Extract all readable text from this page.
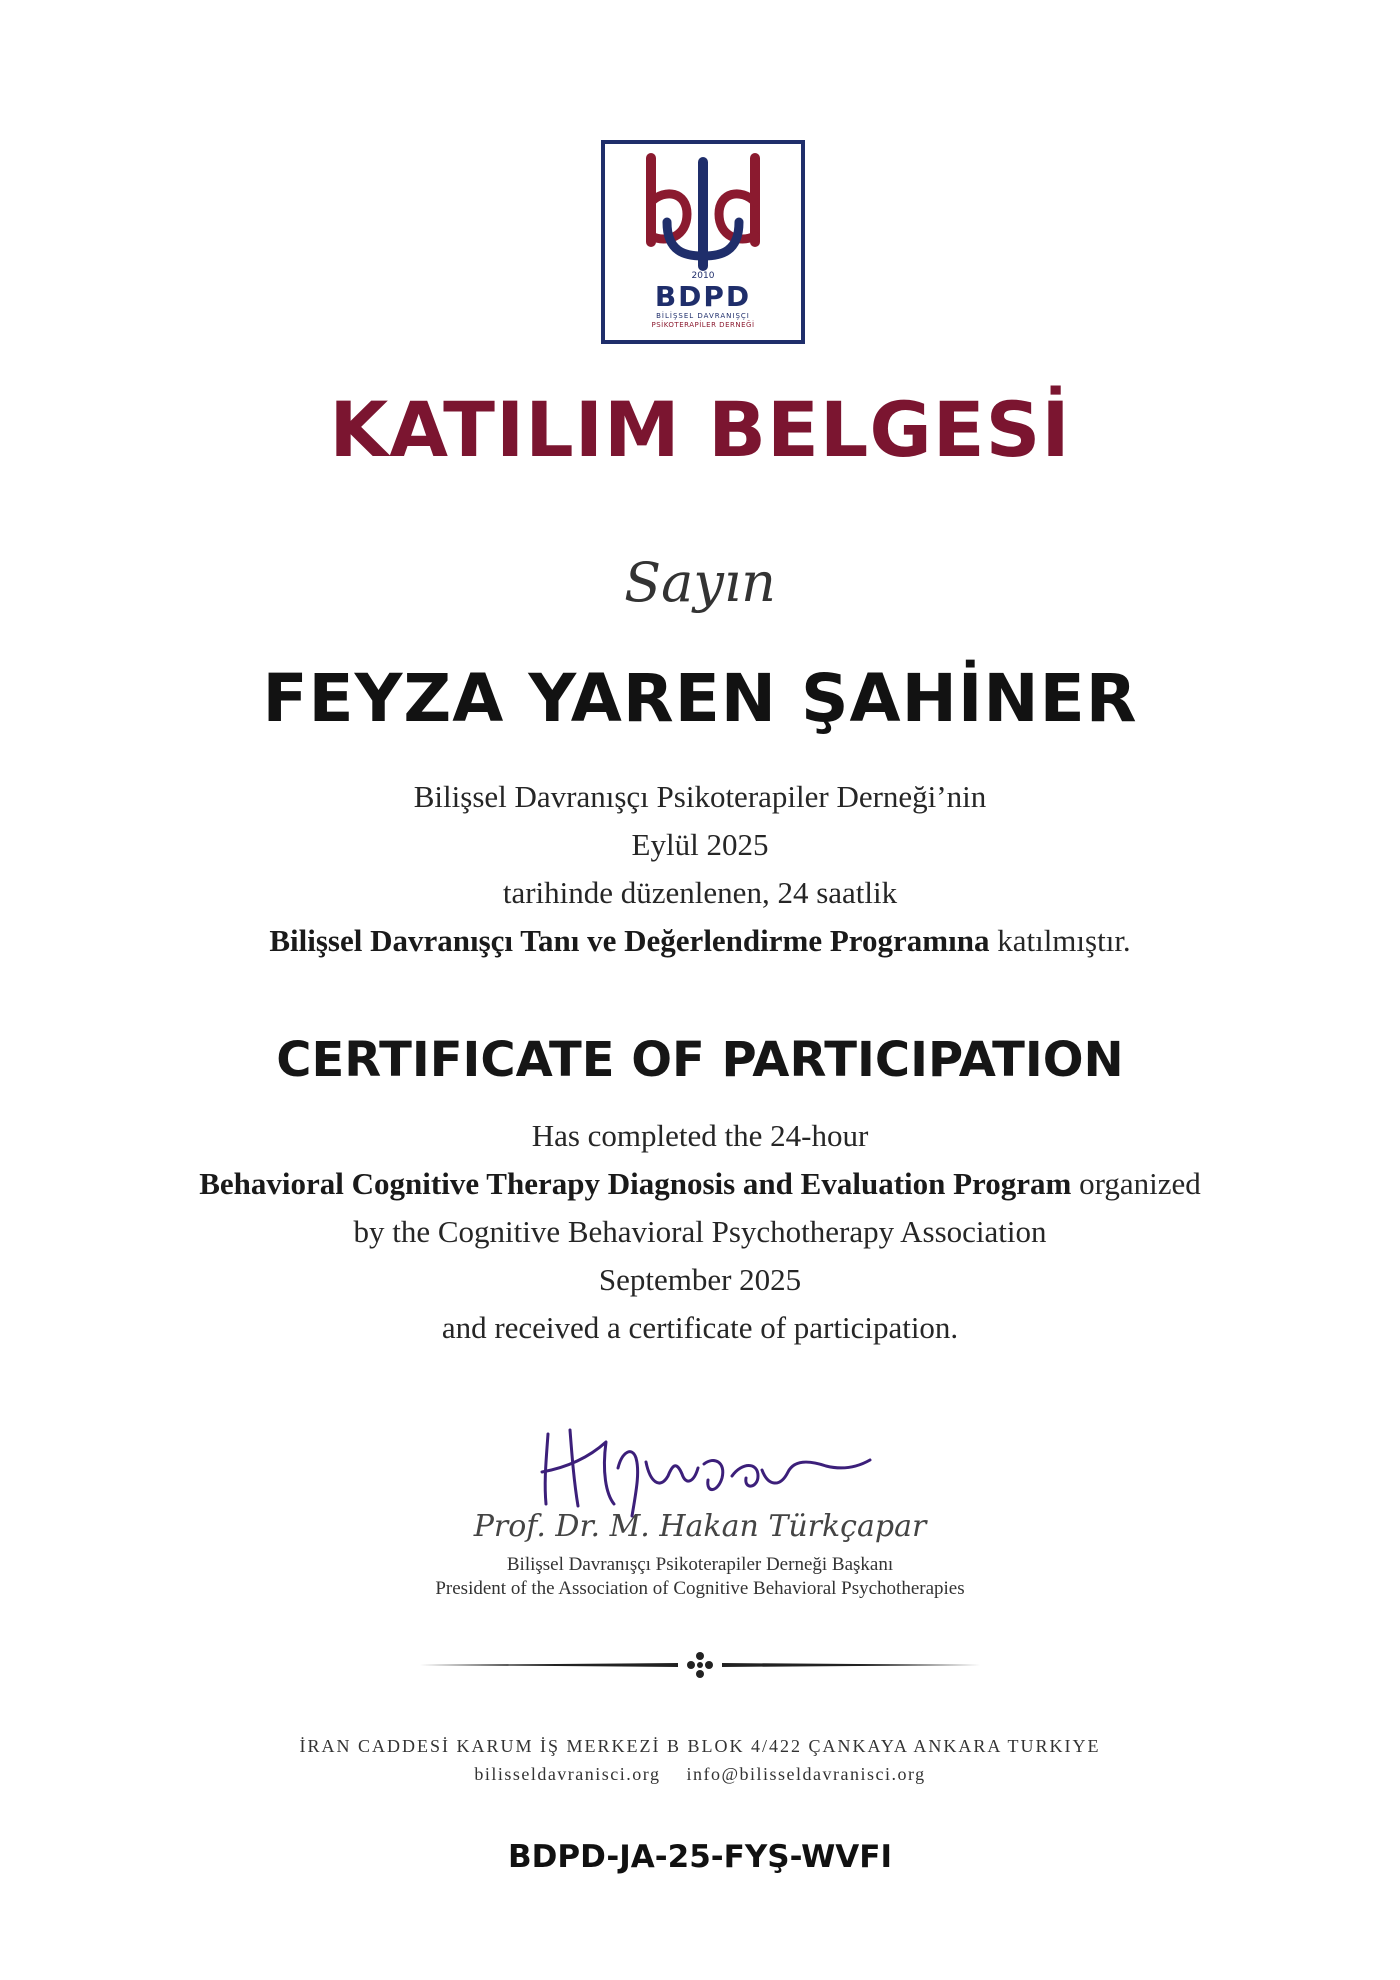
2010
BDPD
BİLİŞSEL DAVRANIŞÇI
PSİKOTERAPİLER DERNEĞİ
KATILIM BELGESİ
Sayın
FEYZA YAREN ŞAHİNER
Bilişsel Davranışçı Psikoterapiler Derneği’nin
Eylül 2025
tarihinde düzenlenen, 24 saatlik
Bilişsel Davranışçı Tanı ve Değerlendirme Programına katılmıştır.
CERTIFICATE OF PARTICIPATION
Has completed the 24-hour
Behavioral Cognitive Therapy Diagnosis and Evaluation Program organized
by the Cognitive Behavioral Psychotherapy Association
September 2025
and received a certificate of participation.
Prof. Dr. M. Hakan Türkçapar
Bilişsel Davranışçı Psikoterapiler Derneği Başkanı
President of the Association of Cognitive Behavioral Psychotherapies
İRAN CADDESİ KARUM İŞ MERKEZİ B BLOK 4/422 ÇANKAYA ANKARA TURKIYE
bilisseldavranisci.org info@bilisseldavranisci.org
BDPD-JA-25-FYŞ-WVFI
